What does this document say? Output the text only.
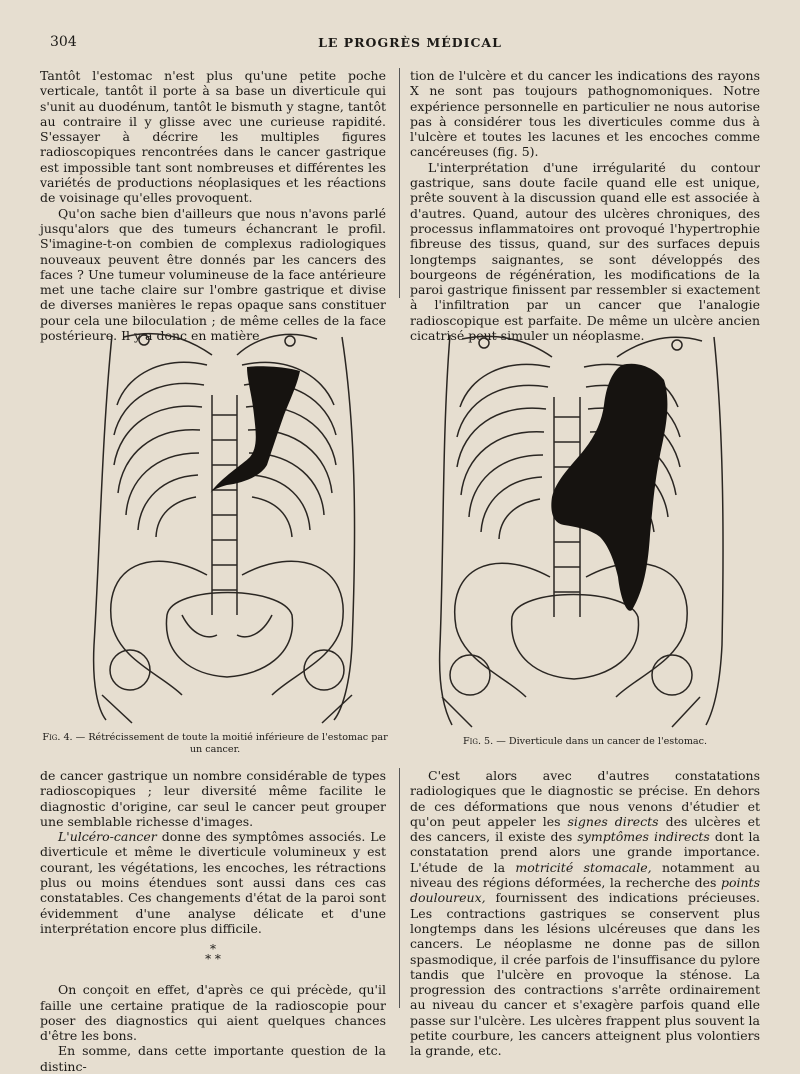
304	LE PROGRÈS MÉDICAL

Tantôt l'estomac n'est plus qu'une petite poche verticale, tantôt il porte à sa base un diverticule qui s'unit au duodénum, tantôt le bismuth y stagne, tantôt au contraire il y glisse avec une curieuse rapidité. S'essayer à décrire les multiples figures radioscopiques rencontrées dans le cancer gastrique est impossible tant sont nombreuses et différentes les variétés de productions néoplasiques et les réactions de voisinage qu'elles provoquent.

Qu'on sache bien d'ailleurs que nous n'avons parlé jusqu'alors que des tumeurs échancrant le profil. S'imagine-t-on combien de complexus radiologiques nouveaux peuvent être donnés par les cancers des faces ? Une tumeur volumineuse de la face antérieure met une tache claire sur l'ombre gastrique et divise de diverses manières le repas opaque sans constituer pour cela une biloculation ; de même celles de la face postérieure. Il y a donc en matière

tion de l'ulcère et du cancer les indications des rayons X ne sont pas toujours pathognomoniques. Notre expérience personnelle en particulier ne nous autorise pas à considérer tous les diverticules comme dus à l'ulcère et toutes les lacunes et les encoches comme cancéreuses (fig. 5).

L'interprétation d'une irrégularité du contour gastrique, sans doute facile quand elle est unique, prête souvent à la discussion quand elle est associée à d'autres. Quand, autour des ulcères chroniques, des processus inflammatoires ont provoqué l'hypertrophie fibreuse des tissus, quand, sur des surfaces depuis longtemps saignantes, se sont développés des bourgeons de régénération, les modifications de la paroi gastrique finissent par ressembler si exactement à l'infiltration par un cancer que l'analogie radioscopique est parfaite. De même un ulcère ancien cicatrisé peut simuler un néoplasme.

Fig. 4. — Rétrécissement de toute la moitié inférieure de l'estomac par un cancer.
Fig. 5. — Diverticule dans un cancer de l'estomac.

de cancer gastrique un nombre considérable de types radioscopiques ; leur diversité même facilite le diagnostic d'origine, car seul le cancer peut grouper une semblable richesse d'images.

L'ulcéro-cancer donne des symptômes associés. Le diverticule et même le diverticule volumineux y est courant, les végétations, les encoches, les rétractions plus ou moins étendues sont aussi dans ces cas constatables. Ces changements d'état de la paroi sont évidemment d'une analyse délicate et d'une interprétation encore plus difficile.

*
* *

On conçoit en effet, d'après ce qui précède, qu'il faille une certaine pratique de la radioscopie pour poser des diagnostics qui aient quelques chances d'être les bons.

En somme, dans cette importante question de la distinc-

C'est alors avec d'autres constatations radiologiques que le diagnostic se précise. En dehors de ces déformations que nous venons d'étudier et qu'on peut appeler les signes directs des ulcères et des cancers, il existe des symptômes indirects dont la constatation prend alors une grande importance. L'étude de la motricité stomacale, notamment au niveau des régions déformées, la recherche des points douloureux, fournissent des indications précieuses. Les contractions gastriques se conservent plus longtemps dans les lésions ulcéreuses que dans les cancers. Le néoplasme ne donne pas de sillon spasmodique, il crée parfois de l'insuffisance du pylore tandis que l'ulcère en provoque la sténose. La progression des contractions s'arrête ordinairement au niveau du cancer et s'exagère parfois quand elle passe sur l'ulcère. Les ulcères frappent plus souvent la petite courbure, les cancers atteignent plus volontiers la grande, etc.
